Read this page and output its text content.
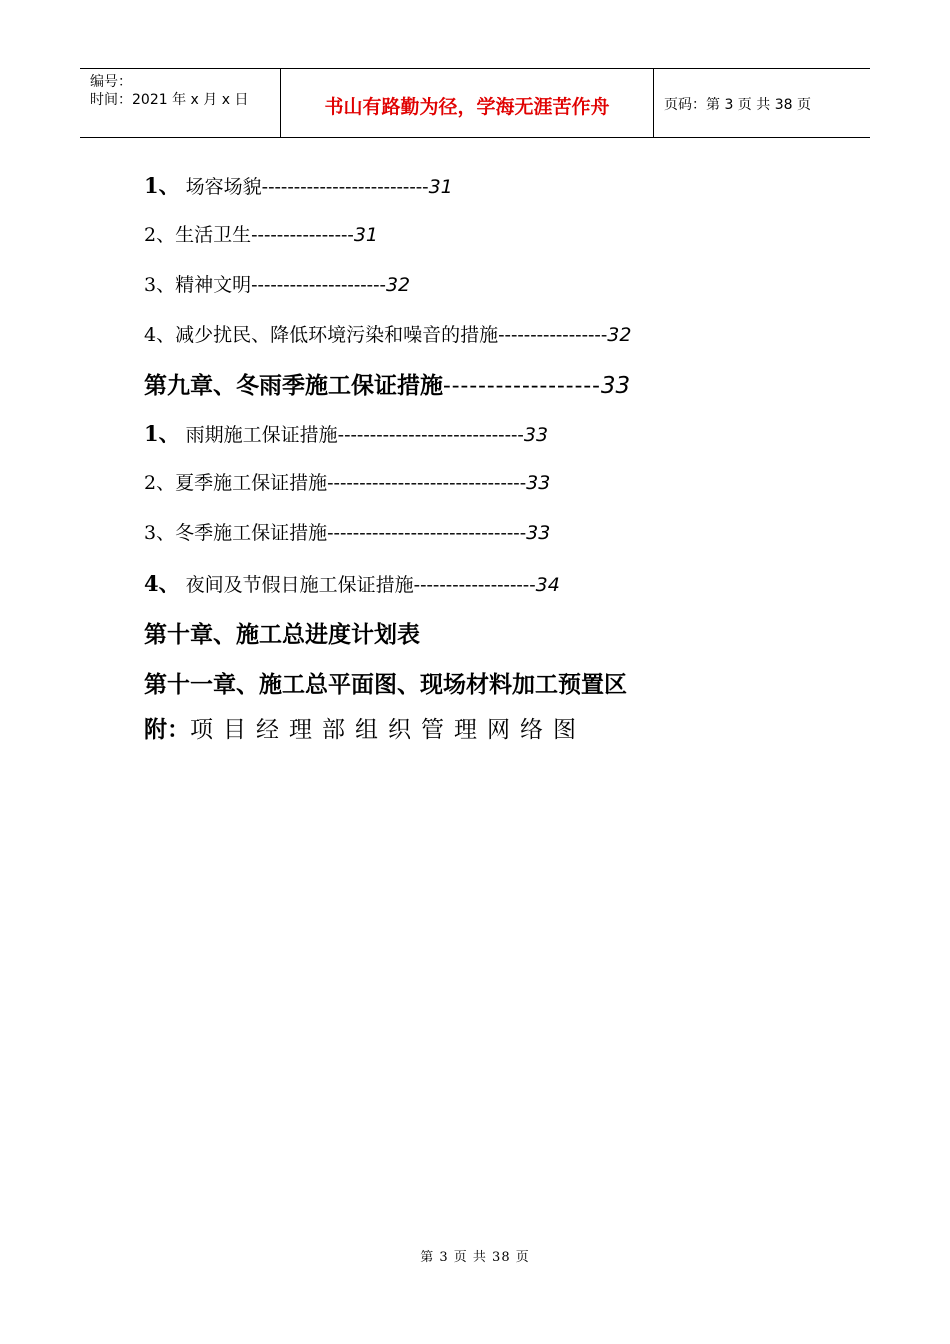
编号：
时间：2021 年 x 月 x 日	书山有路勤为径，学海无涯苦作舟	页码：第 3 页 共 38 页
1、 场容场貌--------------------------31
2、生活卫生----------------31
3、精神文明---------------------32
4、减少扰民、降低环境污染和噪音的措施-----------------32
第九章、冬雨季施工保证措施------------------33
1、 雨期施工保证措施-----------------------------33
2、夏季施工保证措施-------------------------------33
3、冬季施工保证措施-------------------------------33
4、 夜间及节假日施工保证措施-------------------34
第十章、施工总进度计划表
第十一章、施工总平面图、现场材料加工预置区
附：项目经理部组织管理网络图
第 3 页 共 38 页
